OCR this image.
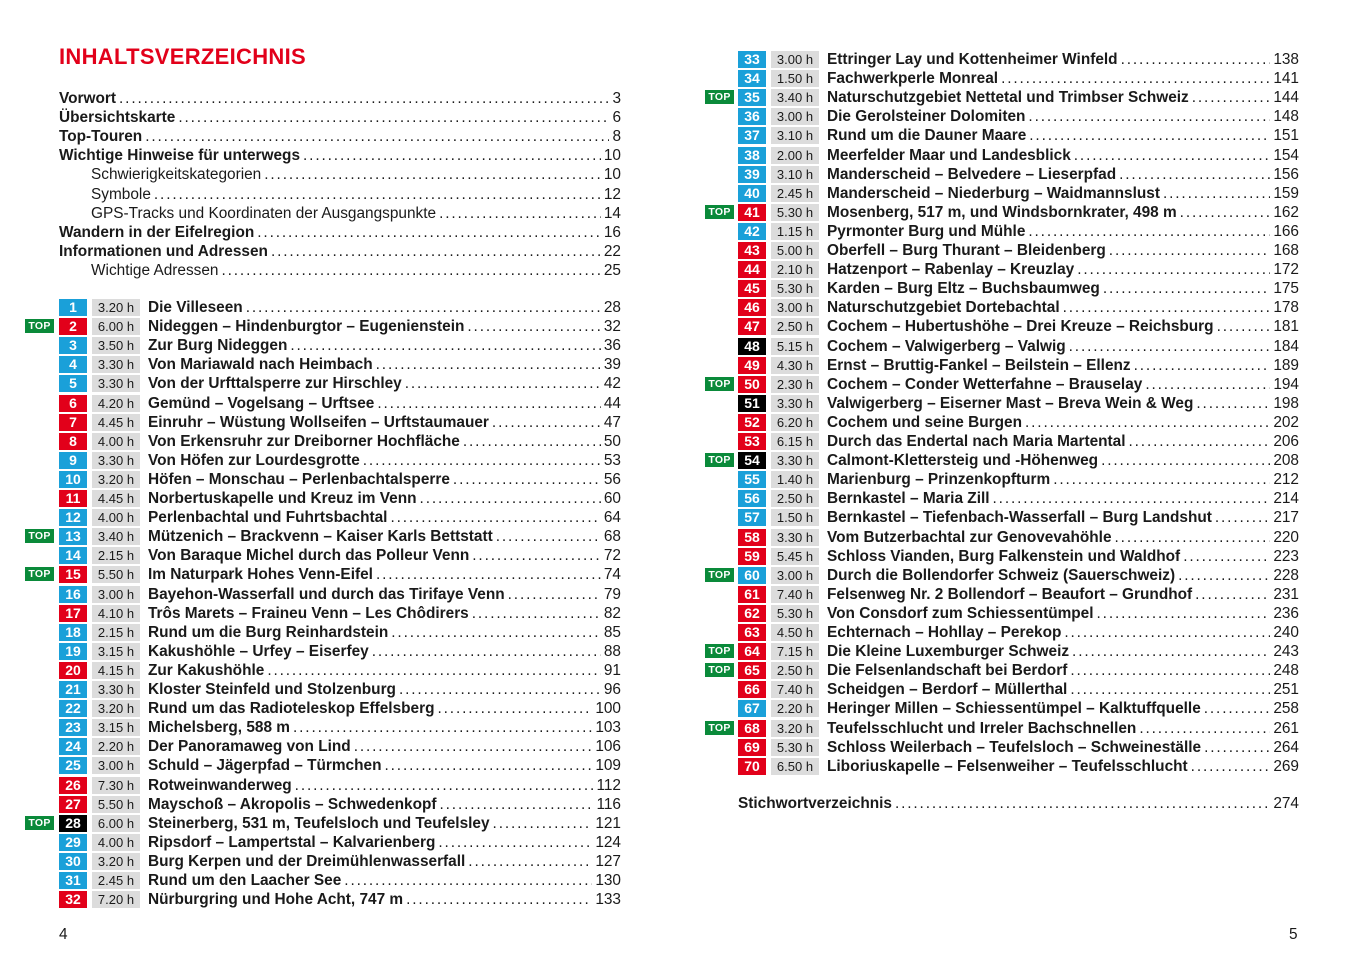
INHALTSVERZEICHNIS
Vorwort . . .	3
Übersichtskarte . . .	6
Top-Touren . . .	8
Wichtige Hinweise für unterwegs . . .	10
Schwierigkeitskategorien . . .	10
Symbole . . .	12
GPS-Tracks und Koordinaten der Ausgangspunkte . . .	14
Wandern in der Eifelregion . . .	16
Informationen und Adressen . . .	22
Wichtige Adressen . . .	25
1	3.20 h Die Villeseen . . .	28
TOP	2	6.00 h Nideggen – Hindenburgtor – Eugenienstein . . .	32
3	3.50 h Zur Burg Nideggen . . .	36
4	3.30 h Von Mariawald nach Heimbach . . .	39
5	3.30 h Von der Urfttalsperre zur Hirschley . . .	42
6	4.20 h Gemünd – Vogelsang – Urftsee . . .	44
7	4.45 h Einruhr – Wüstung Wollseifen – Urftstaumauer . . .	47
8	4.00 h Von Erkensruhr zur Dreiborner Hochfläche . . .	50
9	3.30 h Von Höfen zur Lourdesgrotte . . .	53
10	3.20 h Höfen – Monschau – Perlenbachtalsperre . . .	56
11	4.45 h Norbertuskapelle und Kreuz im Venn . . .	60
12	4.00 h Perlenbachtal und Fuhrtsbachtal . . .	64
TOP	13	3.40 h Mützenich – Brackvenn – Kaiser Karls Bettstatt . . .	68
14	2.15 h Von Baraque Michel durch das Polleur Venn . . .	72
TOP	15	5.50 h Im Naturpark Hohes Venn-Eifel . . .	74
16	3.00 h Bayehon-Wasserfall und durch das Tirifaye Venn . . .	79
17	4.10 h Trôs Marets – Fraineu Venn – Les Chôdirers . . .	82
18	2.15 h Rund um die Burg Reinhardstein . . .	85
19	3.15 h Kakushöhle – Urfey – Eiserfey . . .	88
20	4.15 h Zur Kakushöhle . . .	91
21	3.30 h Kloster Steinfeld und Stolzenburg . . .	96
22	3.20 h Rund um das Radioteleskop Effelsberg . . .	100
23	3.15 h Michelsberg, 588 m . . .	103
24	2.20 h Der Panoramaweg von Lind . . .	106
25	3.00 h Schuld – Jägerpfad – Türmchen . . .	109
26	7.30 h Rotweinwanderweg . . .	112
27	5.50 h Mayschoß – Akropolis – Schwedenkopf . . .	116
TOP	28	6.00 h Steinerberg, 531 m, Teufelsloch und Teufelsley . . .	121
29	4.00 h Ripsdorf – Lampertstal – Kalvarienberg . . .	124
30	3.20 h Burg Kerpen und der Dreimühlenwasserfall . . .	127
31	2.45 h Rund um den Laacher See . . .	130
32	7.20 h Nürburgring und Hohe Acht, 747 m . . .	133
4
33	3.00 h Ettringer Lay und Kottenheimer Winfeld . . .	138
34	1.50 h Fachwerkperle Monreal . . .	141
TOP 35	3.40 h Naturschutzgebiet Nettetal und Trimbser Schweiz . . .	144
36	3.00 h Die Gerolsteiner Dolomiten . . .	148
37	3.10 h Rund um die Dauner Maare . . .	151
38	2.00 h Meerfelder Maar und Landesblick . . .	154
39	3.10 h Manderscheid – Belvedere – Lieserpfad . . .	156
40	2.45 h Manderscheid – Niederburg – Waidmannslust . . .	159
TOP 41	5.30 h Mosenberg, 517 m, und Windsbornkrater, 498 m . . .	162
42	1.15 h Pyrmonter Burg und Mühle . . .	166
43	5.00 h Oberfell – Burg Thurant – Bleidenberg . . .	168
44	2.10 h Hatzenport – Rabenlay – Kreuzlay . . .	172
45	5.30 h Karden – Burg Eltz – Buchsbaumweg . . .	175
46	3.00 h Naturschutzgebiet Dortebachtal . . .	178
47	2.50 h Cochem – Hubertushöhe – Drei Kreuze – Reichsburg . . .	181
48	5.15 h Cochem – Valwigerberg – Valwig . . .	184
49	4.30 h Ernst – Bruttig-Fankel – Beilstein – Ellenz . . .	189
TOP 50	2.30 h Cochem – Conder Wetterfahne – Brauselay . . .	194
51	3.30 h Valwigerberg – Eiserner Mast – Breva Wein & Weg . . .	198
52	6.20 h Cochem und seine Burgen . . .	202
53	6.15 h Durch das Endertal nach Maria Martental . . .	206
TOP 54	3.30 h Calmont-Klettersteig und -Höhenweg . . .	208
55	1.40 h Marienburg – Prinzenkopfturm . . .	212
56	2.50 h Bernkastel – Maria Zill . . .	214
57	1.50 h Bernkastel – Tiefenbach-Wasserfall – Burg Landshut . . .	217
58	3.30 h Vom Butzerbachtal zur Genovevahöhle . . .	220
59	5.45 h Schloss Vianden, Burg Falkenstein und Waldhof . . .	223
TOP 60	3.00 h Durch die Bollendorfer Schweiz (Sauerschweiz) . . .	228
61	7.40 h Felsenweg Nr. 2 Bollendorf – Beaufort – Grundhof . . .	231
62	5.30 h Von Consdorf zum Schiessentümpel . . .	236
63	4.50 h Echternach – Hohllay – Perekop . . .	240
TOP 64	7.15 h Die Kleine Luxemburger Schweiz . . .	243
TOP 65	2.50 h Die Felsenlandschaft bei Berdorf . . .	248
66	7.40 h Scheidgen – Berdorf – Müllerthal . . .	251
67	2.20 h Heringer Millen – Schiessentümpel – Kalktuffquelle . . .	258
TOP 68	3.20 h Teufelsschlucht und Irreler Bachschnellen . . .	261
69	5.30 h Schloss Weilerbach – Teufelsloch – Schweineställe . . .	264
70	6.50 h Liboriuskapelle – Felsenweiher – Teufelsschlucht . . .	269
Stichwortverzeichnis . . .	274
5
